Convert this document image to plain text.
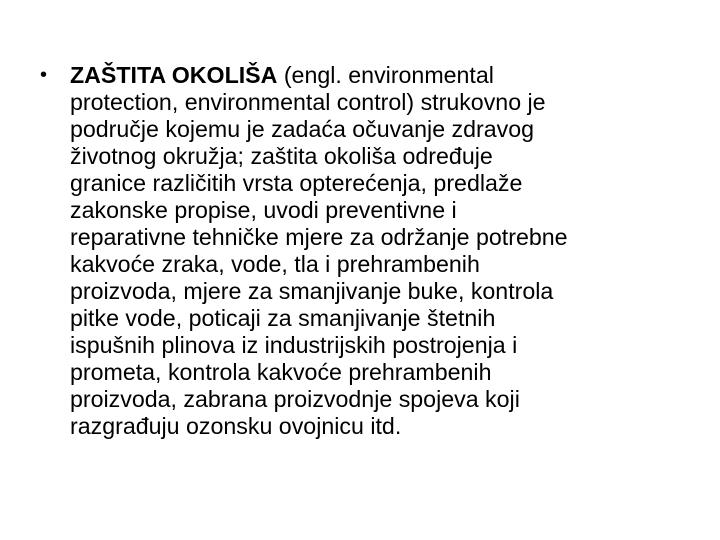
• ZAŠTITA OKOLIŠA (engl. environmental
protection, environmental control) strukovno je
područje kojemu je zadaća očuvanje zdravog
životnog okružja; zaštita okoliša određuje
granice različitih vrsta opterećenja, predlaže
zakonske propise, uvodi preventivne i
reparativne tehničke mjere za održanje potrebne
kakvoće zraka, vode, tla i prehrambenih
proizvoda, mjere za smanjivanje buke, kontrola
pitke vode, poticaji za smanjivanje štetnih
ispušnih plinova iz industrijskih postrojenja i
prometa, kontrola kakvoće prehrambenih
proizvoda, zabrana proizvodnje spojeva koji
razgrađuju ozonsku ovojnicu itd.
